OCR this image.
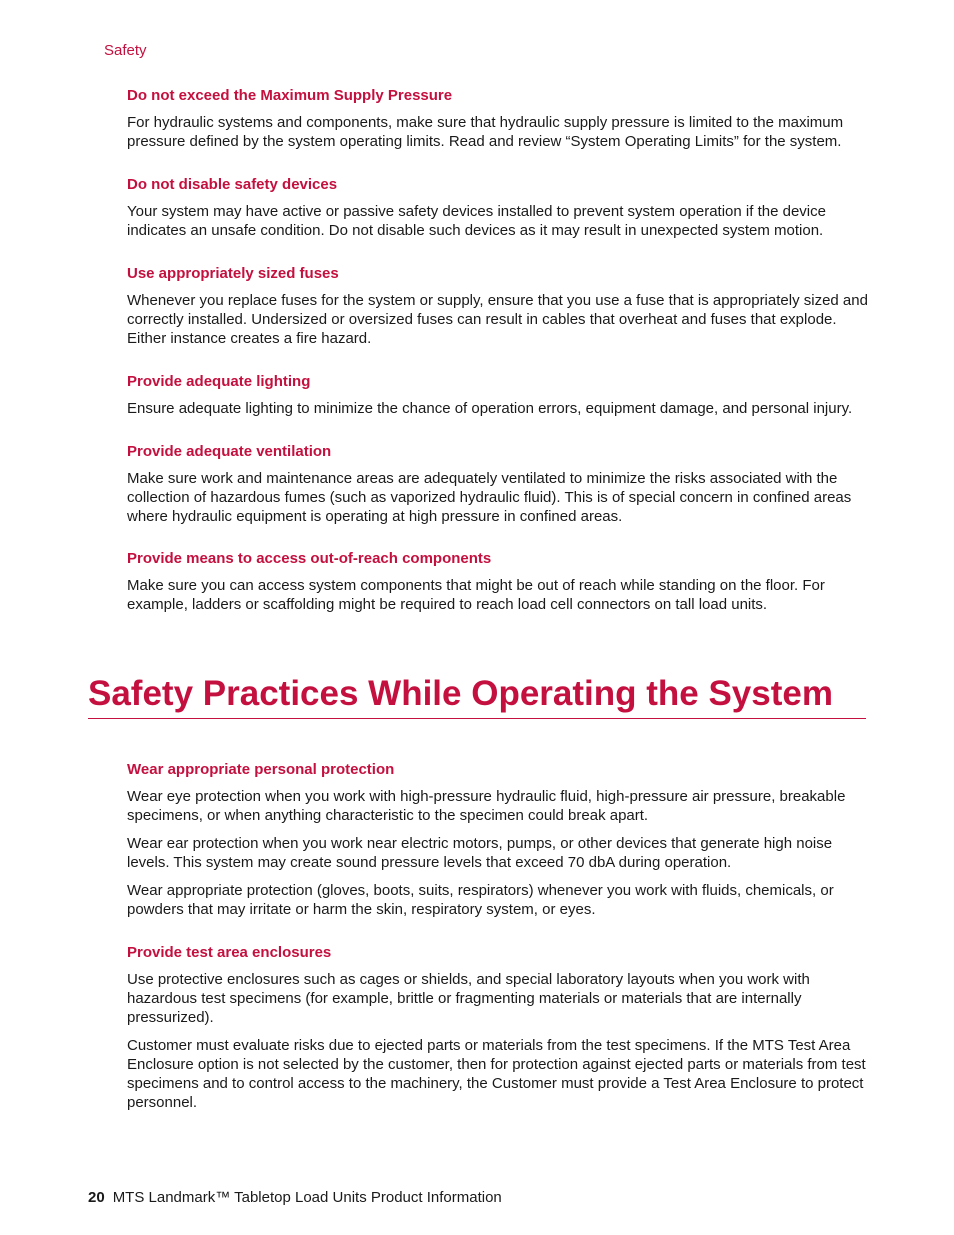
Safety
Do not exceed the Maximum Supply Pressure

For hydraulic systems and components, make sure that hydraulic supply pressure is limited to the maximum pressure defined by the system operating limits. Read and review “System Operating Limits” for the system.

Do not disable safety devices

Your system may have active or passive safety devices installed to prevent system operation if the device indicates an unsafe condition. Do not disable such devices as it may result in unexpected system motion.

Use appropriately sized fuses

Whenever you replace fuses for the system or supply, ensure that you use a fuse that is appropriately sized and correctly installed. Undersized or oversized fuses can result in cables that overheat and fuses that explode. Either instance creates a fire hazard.

Provide adequate lighting

Ensure adequate lighting to minimize the chance of operation errors, equipment damage, and personal injury.

Provide adequate ventilation

Make sure work and maintenance areas are adequately ventilated to minimize the risks associated with the collection of hazardous fumes (such as vaporized hydraulic fluid). This is of special concern in confined areas where hydraulic equipment is operating at high pressure in confined areas.

Provide means to access out-of-reach components

Make sure you can access system components that might be out of reach while standing on the floor. For example, ladders or scaffolding might be required to reach load cell connectors on tall load units.

Safety Practices While Operating the System
Wear appropriate personal protection

Wear eye protection when you work with high-pressure hydraulic fluid, high-pressure air pressure, breakable specimens, or when anything characteristic to the specimen could break apart.

Wear ear protection when you work near electric motors, pumps, or other devices that generate high noise levels. This system may create sound pressure levels that exceed 70 dbA during operation.

Wear appropriate protection (gloves, boots, suits, respirators) whenever you work with fluids, chemicals, or powders that may irritate or harm the skin, respiratory system, or eyes.

Provide test area enclosures

Use protective enclosures such as cages or shields, and special laboratory layouts when you work with hazardous test specimens (for example, brittle or fragmenting materials or materials that are internally pressurized).

Customer must evaluate risks due to ejected parts or materials from the test specimens. If the MTS Test Area Enclosure option is not selected by the customer, then for protection against ejected parts or materials from test specimens and to control access to the machinery, the Customer must provide a Test Area Enclosure to protect personnel.

20 MTS Landmark™ Tabletop Load Units Product Information
